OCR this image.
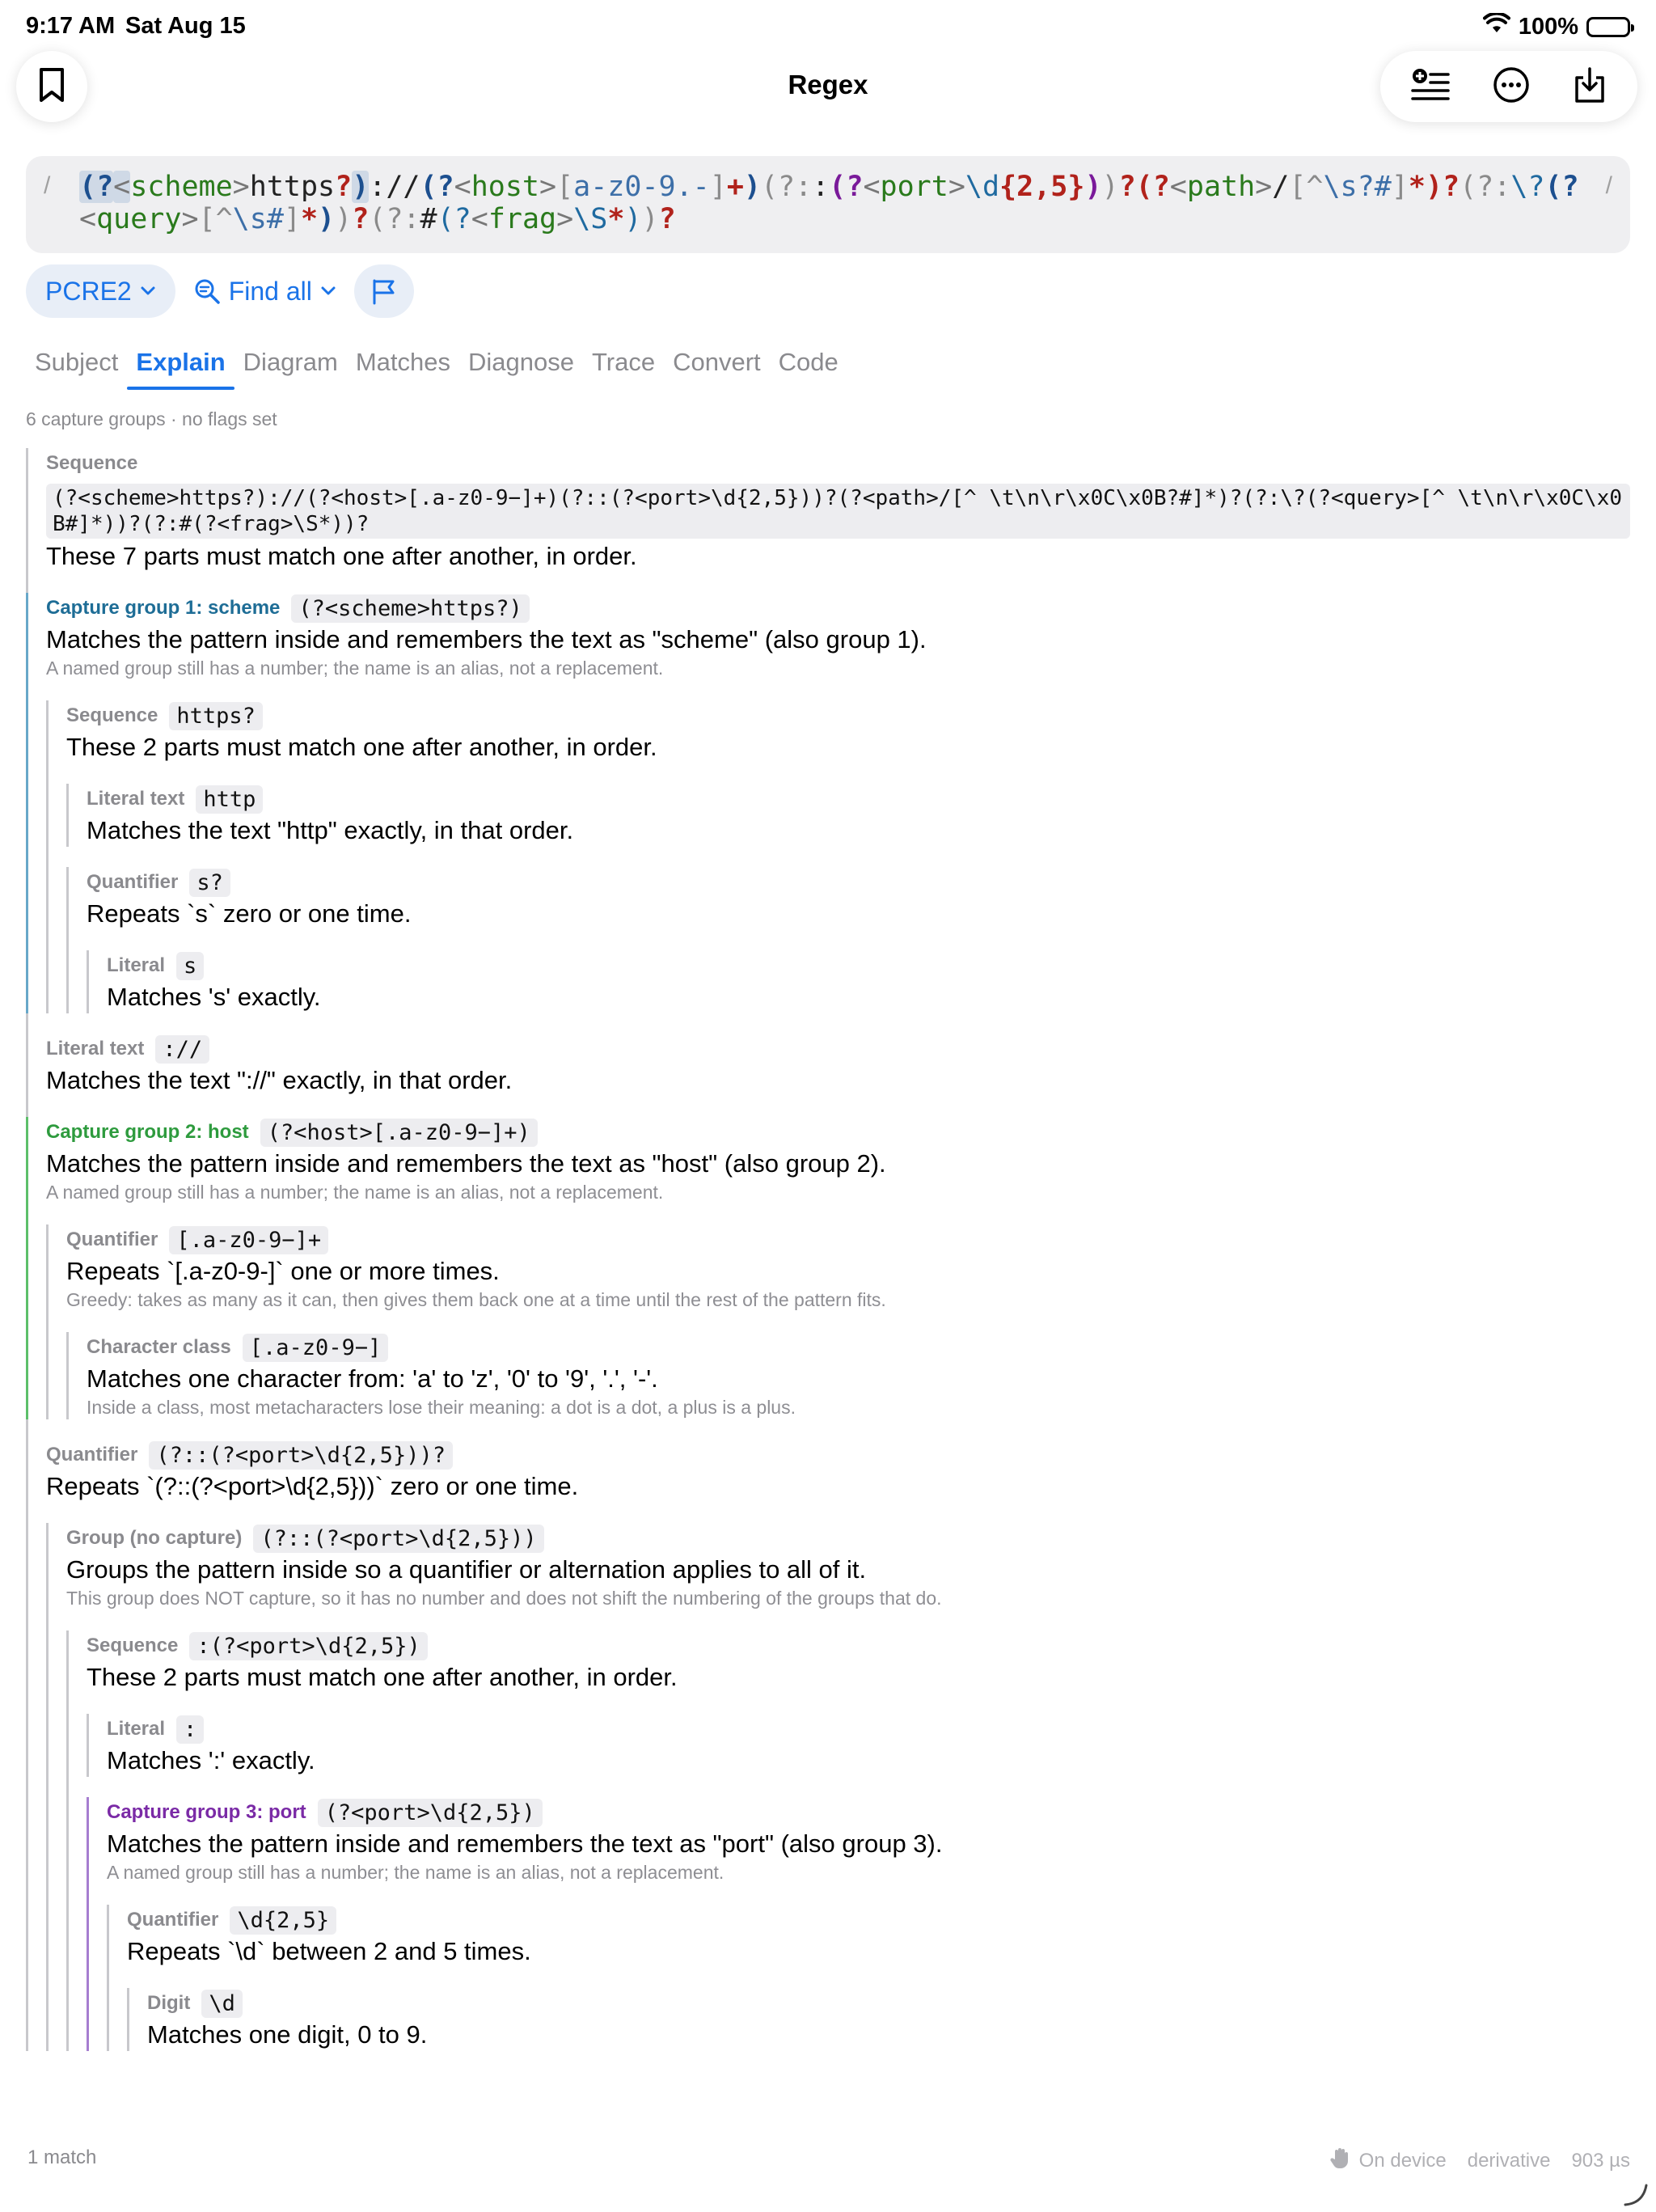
9:17 AM Sat Aug 15	100%
Regex
/ (?<scheme>https?)://(?<host>[a-z0-9.-]+)(?::(?<port>\d{2,5}))?(?<path>/[^\s?#]*)?(?:\?(?<query>[^\s#]*))?(?:#(?<frag>\S*))?
/
PCRE2	Find all
Subject Explain Diagram Matches Diagnose Trace Convert Code
6 capture groups · no flags set
Sequence
(?<scheme>https?)://(?<host>[.a-z0-9−]+)(?::(?<port>\d{2,5}))?(?<path>/[^ \t\n\r\x0C\x0B?#]*)?(?:\?(?<query>[^ \t\n\r\x0C\x0B#]*))?(?:#(?<frag>\S*))?
These 7 parts must match one after another, in order.
Capture group 1: scheme (?<scheme>https?)
Matches the pattern inside and remembers the text as "scheme" (also group 1).
A named group still has a number; the name is an alias, not a replacement.
Sequence https?
These 2 parts must match one after another, in order.
Literal text http
Matches the text "http" exactly, in that order.
Quantifier s?
Repeats `s` zero or one time.
Literal s
Matches 's' exactly.
Literal text ://
Matches the text "://" exactly, in that order.
Capture group 2: host (?<host>[.a-z0-9−]+)
Matches the pattern inside and remembers the text as "host" (also group 2).
A named group still has a number; the name is an alias, not a replacement.
Quantifier [.a-z0-9−]+
Repeats `[.a-z0-9-]` one or more times.
Greedy: takes as many as it can, then gives them back one at a time until the rest of the pattern fits.
Character class [.a-z0-9−]
Matches one character from: 'a' to 'z', '0' to '9', '.', '-'.
Inside a class, most metacharacters lose their meaning: a dot is a dot, a plus is a plus.
Quantifier (?::(?<port>\d{2,5}))?
Repeats `(?::(?<port>\d{2,5}))` zero or one time.
Group (no capture) (?::(?<port>\d{2,5}))
Groups the pattern inside so a quantifier or alternation applies to all of it.
This group does NOT capture, so it has no number and does not shift the numbering of the groups that do.
Sequence :(?<port>\d{2,5})
These 2 parts must match one after another, in order.
Literal :
Matches ':' exactly.
Capture group 3: port (?<port>\d{2,5})
Matches the pattern inside and remembers the text as "port" (also group 3).
A named group still has a number; the name is an alias, not a replacement.
Quantifier \d{2,5}
Repeats `\d` between 2 and 5 times.
Digit \d
Matches one digit, 0 to 9.
1 match	On device derivative 903 µs
